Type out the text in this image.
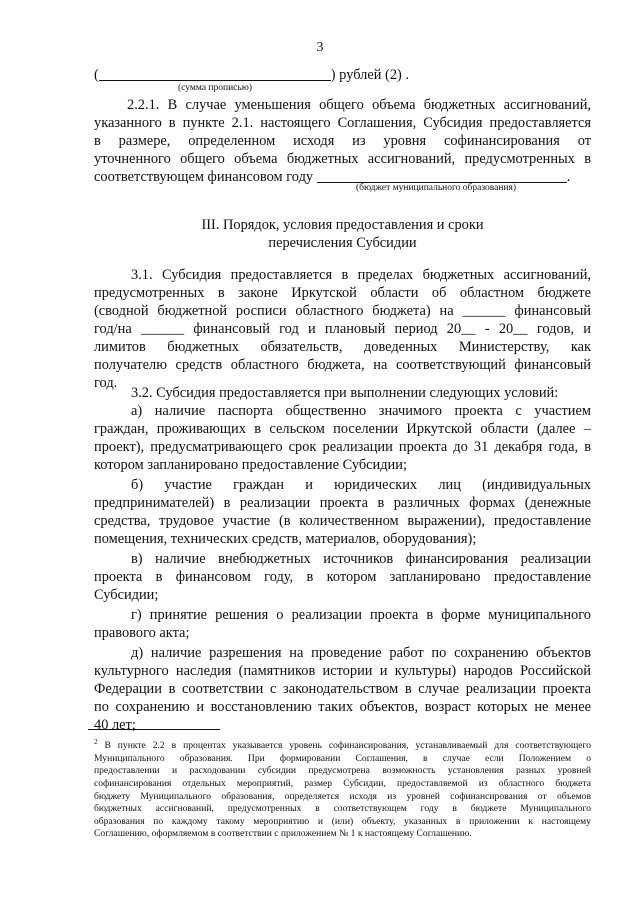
3
(	) рублей (2) .
(сумма прописью)
2.2.1. В случае уменьшения общего объема бюджетных ассигнований,
указанного в пункте 2.1. настоящего Соглашения, Субсидия предоставляется
в размере, определенном исходя из уровня софинансирования от
уточненного общего объема бюджетных ассигнований, предусмотренных в
соответствующем финансовом году	.
(бюджет муниципального образования)
III. Порядок, условия предоставления и сроки
перечисления Субсидии
3.1. Субсидия предоставляется в пределах бюджетных ассигнований,
предусмотренных в законе Иркутской области об областном бюджете
(сводной бюджетной росписи областного бюджета) на ______ финансовый
год/на ______ финансовый год и плановый период 20__ - 20__ годов, и
лимитов бюджетных обязательств, доведенных Министерству, как
получателю средств областного бюджета, на соответствующий финансовый
год.
3.2. Субсидия предоставляется при выполнении следующих условий:
а) наличие паспорта общественно значимого проекта с участием
граждан, проживающих в сельском поселении Иркутской области (далее –
проект), предусматривающего срок реализации проекта до 31 декабря года, в
котором запланировано предоставление Субсидии;
б) участие граждан и юридических лиц (индивидуальных
предпринимателей) в реализации проекта в различных формах (денежные
средства, трудовое участие (в количественном выражении), предоставление
помещения, технических средств, материалов, оборудования);
в) наличие внебюджетных источников финансирования реализации
проекта в финансовом году, в котором запланировано предоставление
Субсидии;
г) принятие решения о реализации проекта в форме муниципального
правового акта;
д) наличие разрешения на проведение работ по сохранению объектов
культурного наследия (памятников истории и культуры) народов Российской
Федерации в соответствии с законодательством в случае реализации проекта
по сохранению и восстановлению таких объектов, возраст которых не менее
40 лет;
$^2$ В пункте 2.2 в процентах указывается уровень софинансирования, устанавливаемый для соответствующего
Муниципального образования. При формировании Соглашения, в случае если Положением о
предоставлении и расходовании субсидии предусмотрена возможность установления разных уровней
софинансирования отдельных мероприятий, размер Субсидии, предоставляемой из областного бюджета
бюджету Муниципального образования, определяется исходя из уровней софинансирования от объемов
бюджетных ассигнований, предусмотренных в соответствующем году в бюджете Муниципального
образования по каждому такому мероприятию и (или) объекту, указанных в приложении к настоящему
Соглашению, оформляемом в соответствии с приложением № 1 к настоящему Соглашению.
